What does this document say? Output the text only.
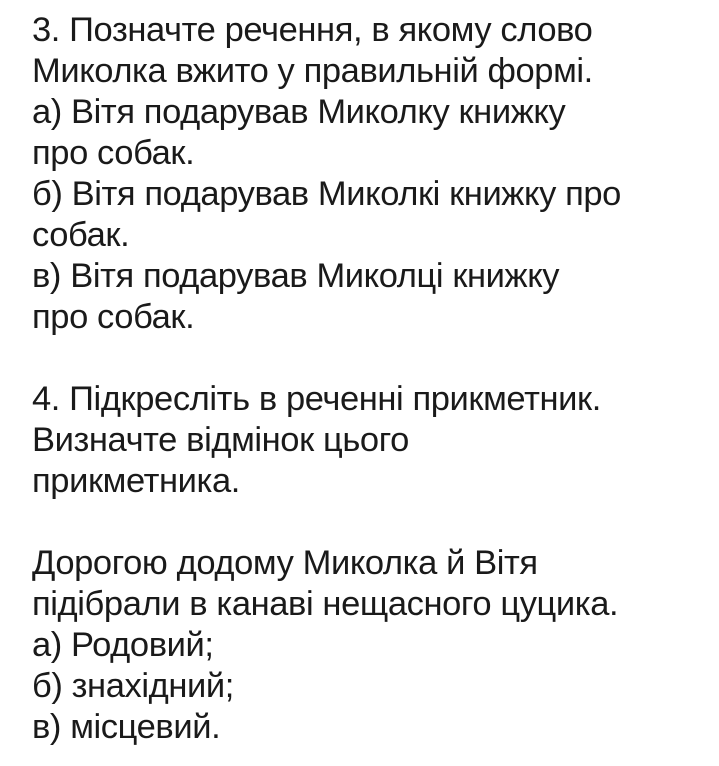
3. Позначте речення, в якому слово
Миколка вжито у правильній формі.
а) Вітя подарував Миколку книжку
про собак.
б) Вітя подарував Миколкі книжку про
собак.
в) Вітя подарував Миколці книжку
про собак.
4. Підкресліть в реченні прикметник.
Визначте відмінок цього
прикметника.
Дорогою додому Миколка й Вітя
підібрали в канаві нещасного цуцика.
а) Родовий;
б) знахідний;
в) місцевий.
